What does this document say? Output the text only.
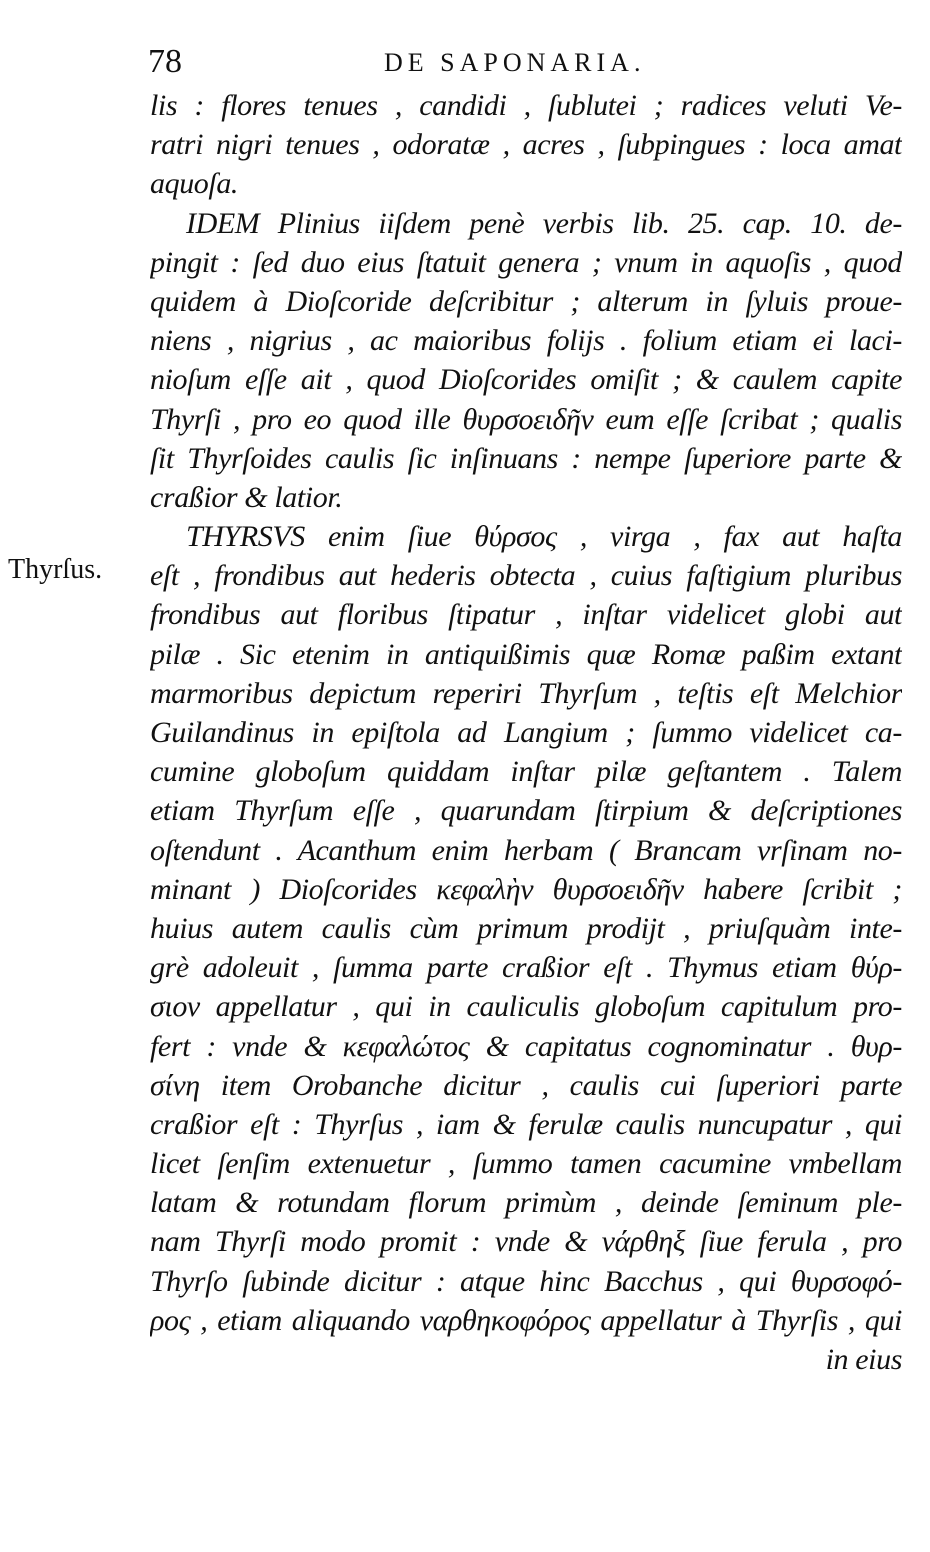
78	DE SAPONARIA.
Thyrſus.
lis : flores tenues , candidi , ſublutei ; radices veluti Ve-
ratri nigri tenues , odoratæ , acres , ſubpingues : loca amat
aquoſa.
IDEM Plinius iiſdem penè verbis lib. 25. cap. 10. de-
pingit : ſed duo eius ſtatuit genera ; vnum in aquoſis , quod
quidem à Dioſcoride deſcribitur ; alterum in ſyluis proue-
niens , nigrius , ac maioribus folijs . folium etiam ei laci-
nioſum eſſe ait , quod Dioſcorides omiſit ; & caulem capite
Thyrſi , pro eo quod ille θυρσοειδῆν eum eſſe ſcribat ; qualis
ſit Thyrſoides caulis ſic inſinuans : nempe ſuperiore parte &
craßior & latior.
THYRSVS enim ſiue θύρσος , virga , fax aut haſta
eſt , frondibus aut hederis obtecta , cuius faſtigium pluribus
frondibus aut floribus ſtipatur , inſtar videlicet globi aut
pilæ . Sic etenim in antiquißimis quæ Romæ paßim extant
marmoribus depictum reperiri Thyrſum , teſtis eſt Melchior
Guilandinus in epiſtola ad Langium ; ſummo videlicet ca-
cumine globoſum quiddam inſtar pilæ geſtantem . Talem
etiam Thyrſum eſſe , quarundam ſtirpium & deſcriptiones
oſtendunt . Acanthum enim herbam ( Brancam vrſinam no-
minant ) Dioſcorides κεφαλὴν θυρσοειδῆν habere ſcribit ;
huius autem caulis cùm primum prodijt , priuſquàm inte-
grè adoleuit , ſumma parte craßior eſt . Thymus etiam θύρ-
σιον appellatur , qui in cauliculis globoſum capitulum pro-
fert : vnde & κεφαλώτος & capitatus cognominatur . θυρ-
σίνη item Orobanche dicitur , caulis cui ſuperiori parte
craßior eſt : Thyrſus , iam & ferulæ caulis nuncupatur , qui
licet ſenſim extenuetur , ſummo tamen cacumine vmbellam
latam & rotundam florum primùm , deinde ſeminum ple-
nam Thyrſi modo promit : vnde & νάρθηξ ſiue ferula , pro
Thyrſo ſubinde dicitur : atque hinc Bacchus , qui θυρσοφό-
ρος , etiam aliquando ναρθηκοφόρος appellatur à Thyrſis , qui
in eius
